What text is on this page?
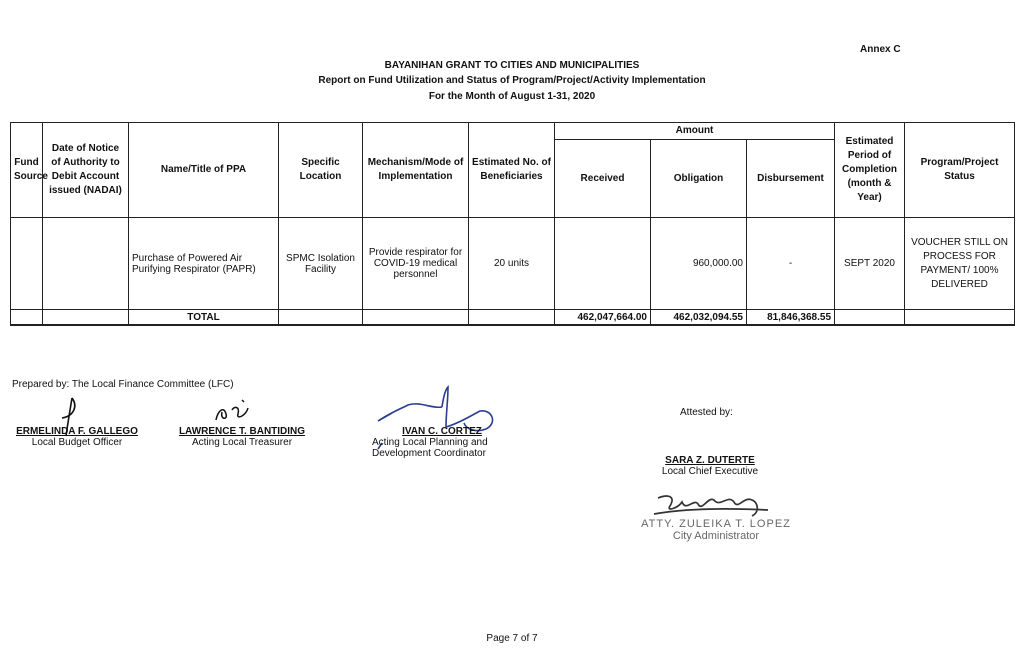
Annex C
BAYANIHAN GRANT TO CITIES AND MUNICIPALITIES
Report on Fund Utilization and Status of Program/Project/Activity Implementation
For the Month of August 1-31, 2020
Fund Source	Date of Notice of Authority to Debit Account issued (NADAI)	Name/Title of PPA	Specific Location	Mechanism/Mode of Implementation	Estimated No. of Beneficiaries	Amount			Estimated Period of Completion (month & Year)	Program/Project Status
						Received	Obligation	Disbursement		
		Purchase of Powered Air Purifying Respirator (PAPR)	SPMC Isolation Facility	Provide respirator for COVID-19 medical personnel	20 units		960,000.00	-	SEPT 2020	VOUCHER STILL ON PROCESS FOR PAYMENT/ 100% DELIVERED
		TOTAL				462,047,664.00	462,032,094.55	81,846,368.55		
Prepared by: The Local Finance Committee (LFC)
ERMELINDA F. GALLEGO
Local Budget Officer
LAWRENCE T. BANTIDING
Acting Local Treasurer
IVAN C. CORTEZ
Acting Local Planning and Development Coordinator
Attested by:
SARA Z. DUTERTE
Local Chief Executive
ATTY. ZULEIKA T. LOPEZ
City Administrator
Page 7 of 7
